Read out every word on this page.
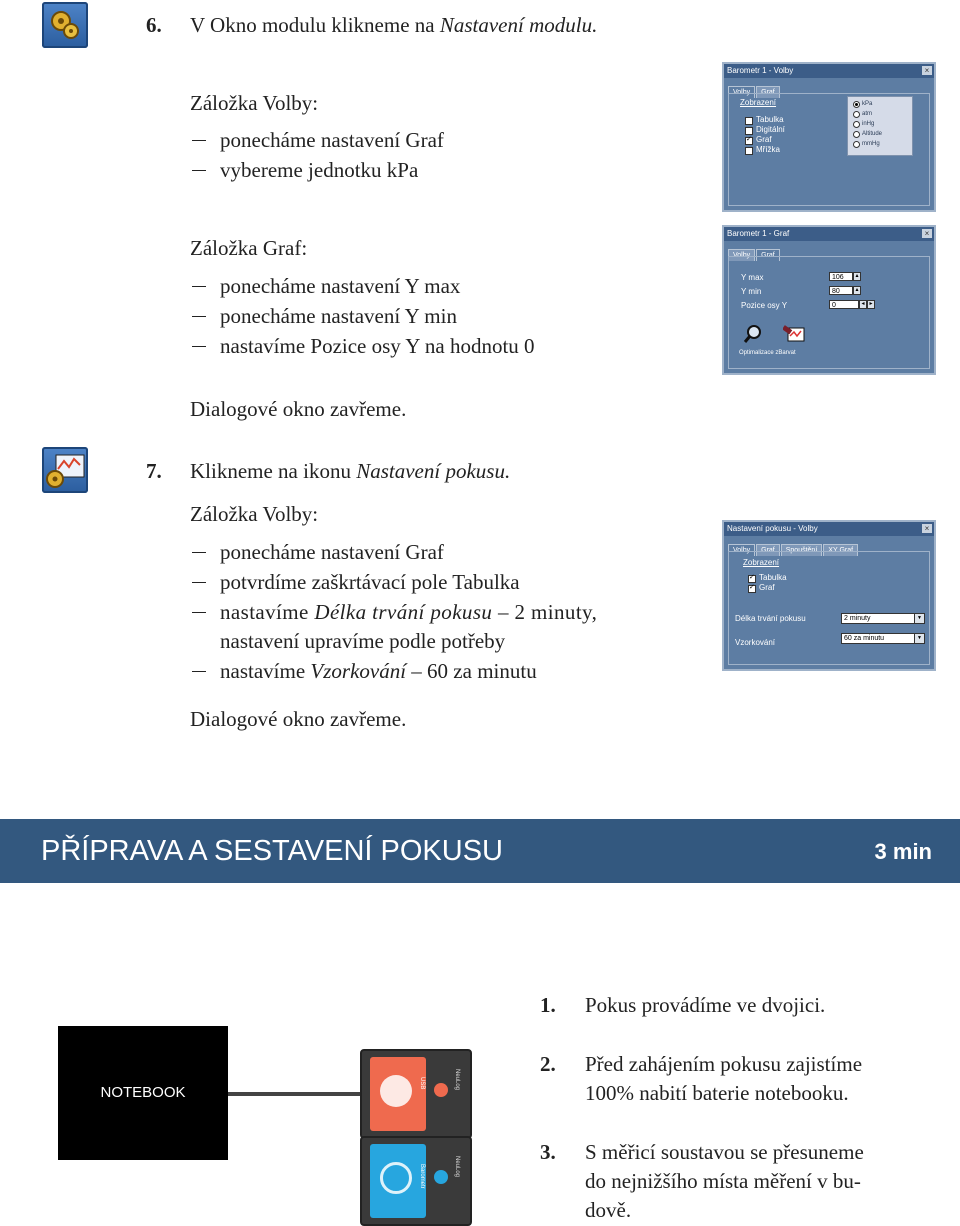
6. V Okno modulu klikneme na Nastavení modulu.
Záložka Volby:
ponecháme nastavení Graf
vybereme jednotku kPa
Záložka Graf:
ponecháme nastavení Y max
ponecháme nastavení Y min
nastavíme Pozice osy Y na hodnotu 0
Dialogové okno zavřeme.
Barometr 1 - Volby	×
Volby Graf
Zobrazení
Tabulka
Digitální
✓
Graf
Mřížka
kPa
atm
inHg
Altitude
mmHg
Barometr 1 - Graf	×
Volby Graf
Y max	106	▴
Y min	80	▴
Pozice osy Y	0	◂ ▸
Optimalizace zBarvat
7. Klikneme na ikonu Nastavení pokusu.
Záložka Volby:
ponecháme nastavení Graf
potvrdíme zaškrtávací pole Tabulka
nastavíme Délka trvání pokusu – 2 minuty,
nastavení upravíme podle potřeby
nastavíme Vzorkování – 60 za minutu
Dialogové okno zavřeme.
Nastavení pokusu - Volby	×
Volby Graf Spouštění XY Graf
Zobrazení
✓
Tabulka
✓
Graf
Délka trvání pokusu	2 minuty	▼
Vzorkování	60 za minutu	▼
PŘÍPRAVA A SESTAVENÍ POKUSU	3 min
NOTEBOOK
USB	NeuLog
Barometr	NeuLog
1. Pokus provádíme ve dvojici.
2. Před zahájením pokusu zajistíme
100% nabití baterie notebooku.
3. S měřicí soustavou se přesuneme
do nejnižšího místa měření v bu-
dově.
